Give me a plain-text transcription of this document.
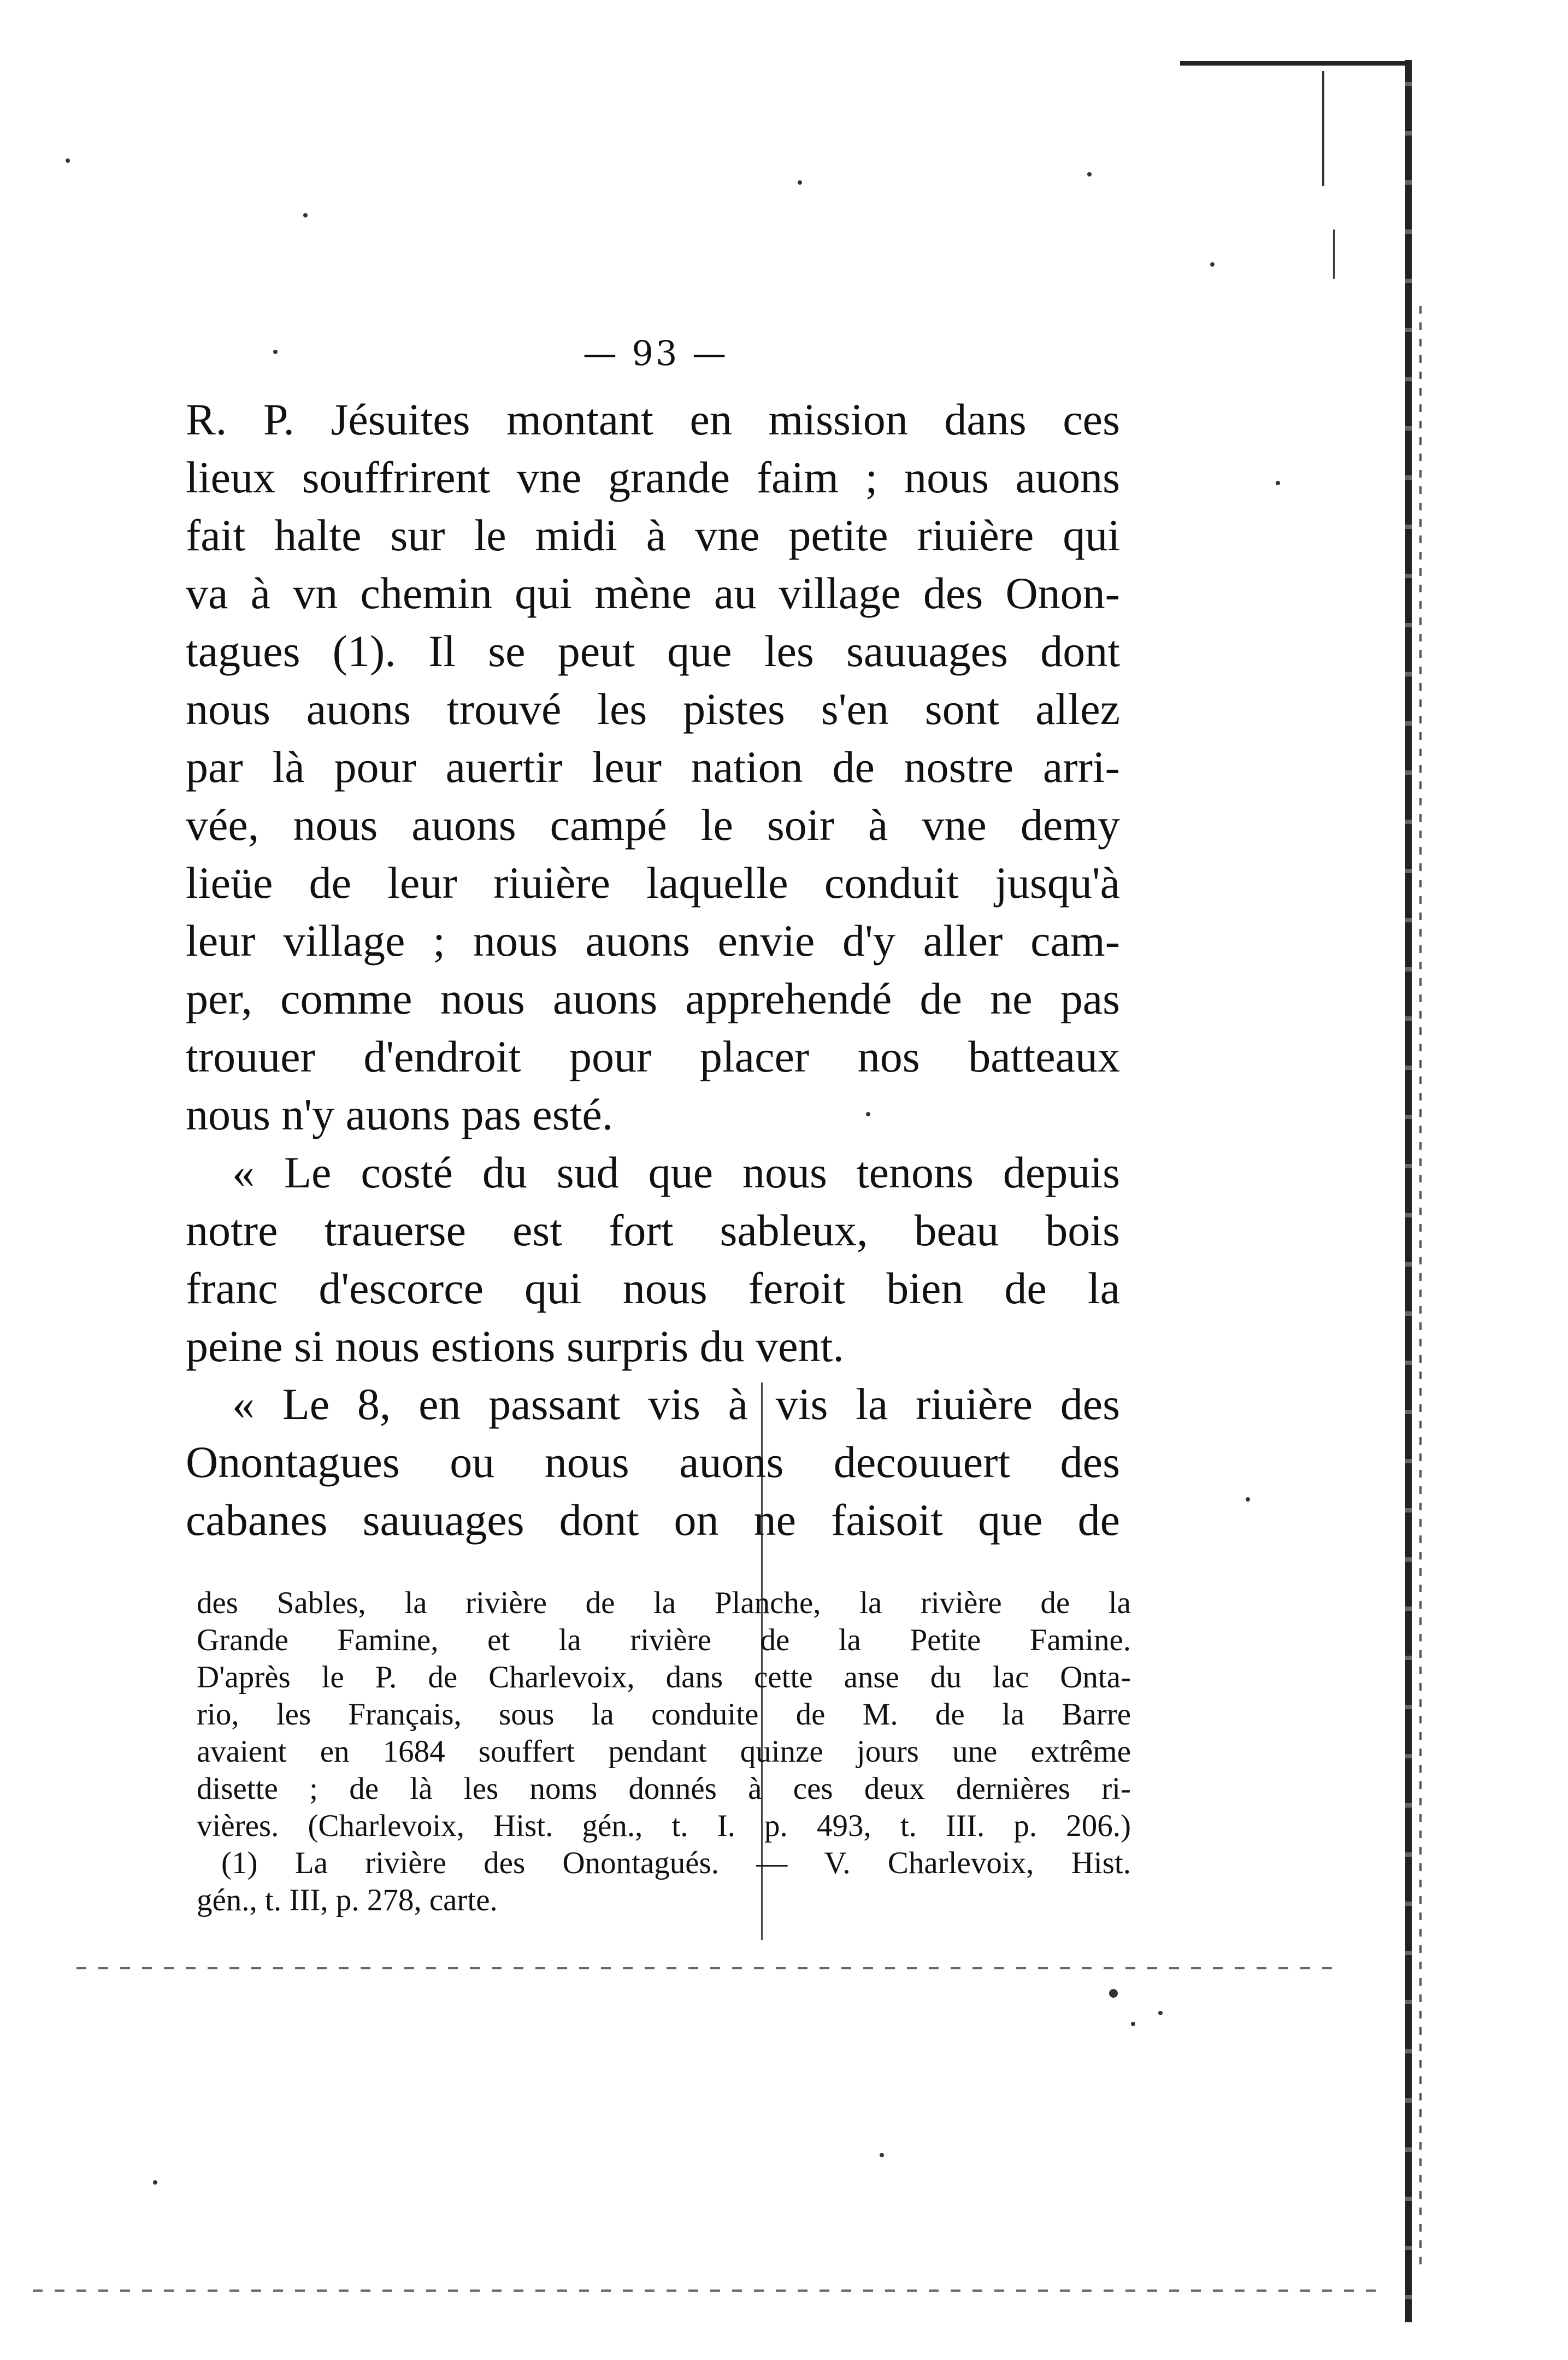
— 93 —
R. P. Jésuites montant en mission dans ces
lieux souffrirent vne grande faim ; nous auons
fait halte sur le midi à vne petite riuière qui
va à vn chemin qui mène au village des Onon-
tagues (1). Il se peut que les sauuages dont
nous auons trouvé les pistes s'en sont allez
par là pour auertir leur nation de nostre arri-
vée, nous auons campé le soir à vne demy
lieüe de leur riuière laquelle conduit jusqu'à
leur village ; nous auons envie d'y aller cam-
per, comme nous auons apprehendé de ne pas
trouuer d'endroit pour placer nos batteaux
nous n'y auons pas esté.
« Le costé du sud que nous tenons depuis
notre trauerse est fort sableux, beau bois
franc d'escorce qui nous feroit bien de la
peine si nous estions surpris du vent.
« Le 8, en passant vis à vis la riuière des
Onontagues ou nous auons decouuert des
cabanes sauuages dont on ne faisoit que de
des Sables, la rivière de la Planche, la rivière de la
Grande Famine, et la rivière de la Petite Famine.
D'après le P. de Charlevoix, dans cette anse du lac Onta-
rio, les Français, sous la conduite de M. de la Barre
avaient en 1684 souffert pendant quinze jours une extrême
disette ; de là les noms donnés à ces deux dernières ri-
vières. (Charlevoix, Hist. gén., t. I. p. 493, t. III. p. 206.)
(1) La rivière des Onontagués. — V. Charlevoix, Hist.
gén., t. III, p. 278, carte.
